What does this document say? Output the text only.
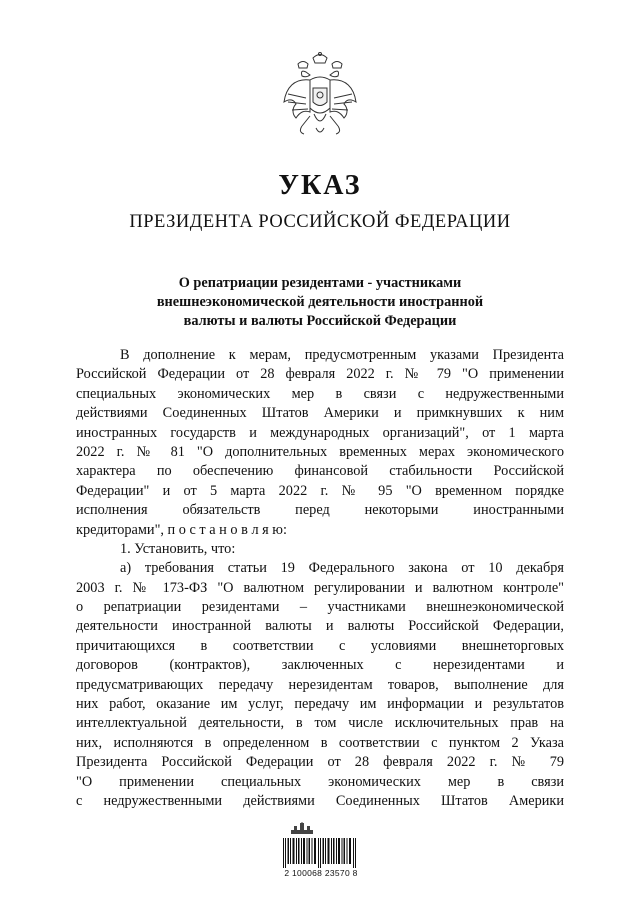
УКАЗ
ПРЕЗИДЕНТА РОССИЙСКОЙ ФЕДЕРАЦИИ
О репатриации резидентами - участниками
внешнеэкономической деятельности иностранной
валюты и валюты Российской Федерации
В дополнение к мерам, предусмотренным указами Президента
Российской Федерации от 28 февраля 2022 г. № 79 "О применении
специальных экономических мер в связи с недружественными
действиями Соединенных Штатов Америки и примкнувших к ним
иностранных государств и международных организаций", от 1 марта
2022 г. № 81 "О дополнительных временных мерах экономического
характера по обеспечению финансовой стабильности Российской
Федерации" и от 5 марта 2022 г. № 95 "О временном порядке
исполнения обязательств перед некоторыми иностранными
кредиторами", п о с т а н о в л я ю:
1. Установить, что:
а) требования статьи 19 Федерального закона от 10 декабря
2003 г. № 173-ФЗ "О валютном регулировании и валютном контроле"
о репатриации резидентами – участниками внешнеэкономической
деятельности иностранной валюты и валюты Российской Федерации,
причитающихся в соответствии с условиями внешнеторговых
договоров (контрактов), заключенных с нерезидентами и
предусматривающих передачу нерезидентам товаров, выполнение для
них работ, оказание им услуг, передачу им информации и результатов
интеллектуальной деятельности, в том числе исключительных прав на
них, исполняются в определенном в соответствии с пунктом 2 Указа
Президента Российской Федерации от 28 февраля 2022 г. № 79
"О применении специальных экономических мер в связи
с недружественными действиями Соединенных Штатов Америки
2 100068 23570 8
